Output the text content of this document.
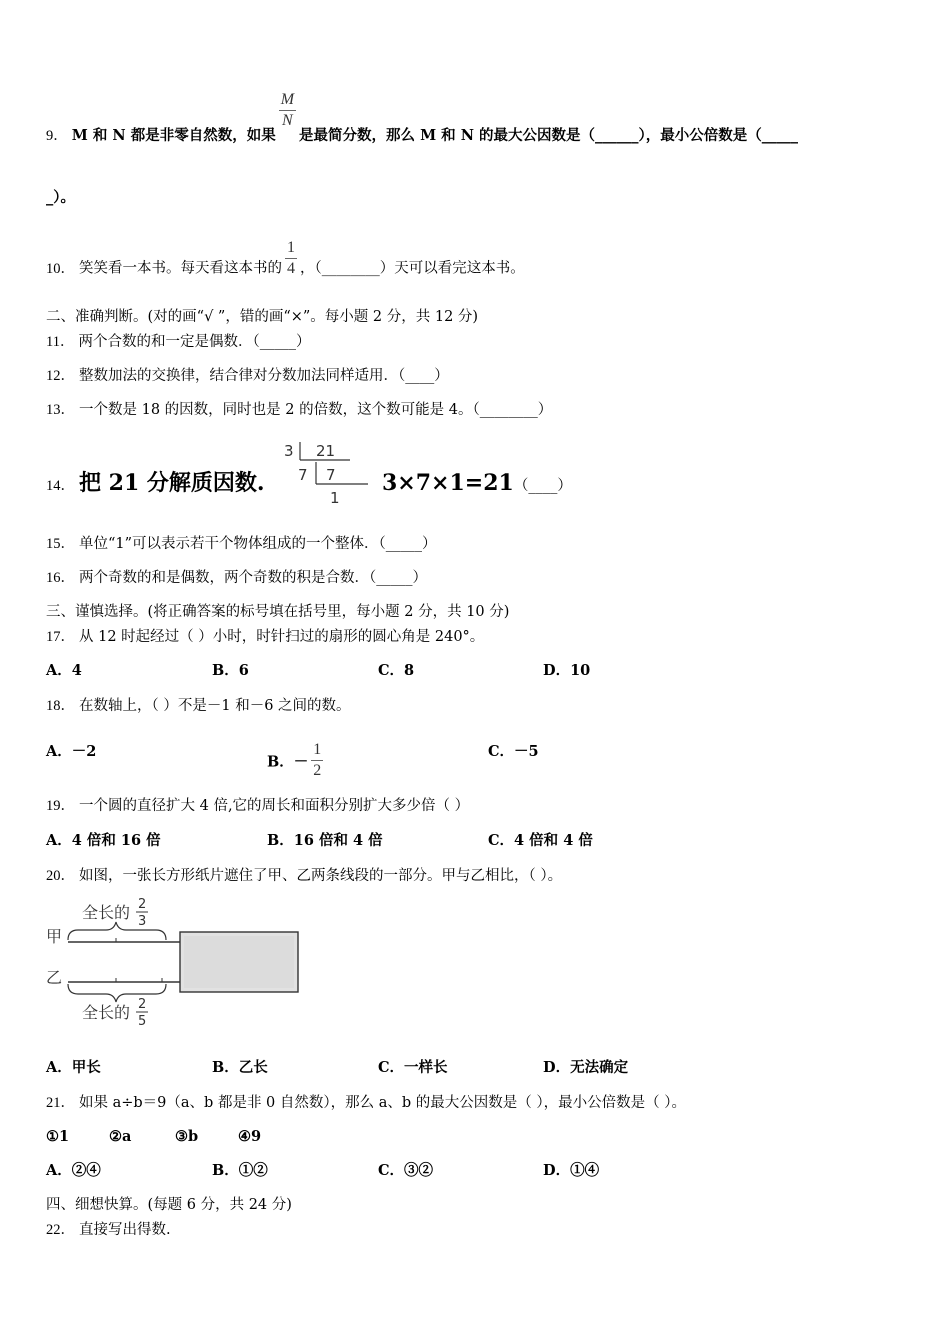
9． M 和 N 都是非零自然数，如果
$\frac{M}{N}$
是最简分数，那么 M 和 N 的最大公因数是（______），最小公倍数是（_____
_）。
10． 笑笑看一本书。每天看这本书的 $\frac{1}{4}$ ，（________）天可以看完这本书。
二、准确判断。(对的画“√ ”，错的画“×”。每小题 2 分，共 12 分)
11． 两个合数的和一定是偶数．（_____）
12． 整数加法的交换律，结合律对分数加法同样适用．（____）
13． 一个数是 18 的因数，同时也是 2 的倍数，这个数可能是 4。（________）
14． 把 21 分解质因数.
3 21
7 7
1
3×7×1=21（____）
15． 单位“1”可以表示若干个物体组成的一个整体．（_____）
16． 两个奇数的和是偶数，两个奇数的积是合数．（_____）
三、谨慎选择。(将正确答案的标号填在括号里，每小题 2 分，共 10 分)
17． 从 12 时起经过（ ）小时，时针扫过的扇形的圆心角是 240°。
A．4	B．6	C．8	D．10
18． 在数轴上，（ ）不是－1 和－6 之间的数。
A．－2
B．－ $\frac{1}{2}$	C．－5
19． 一个圆的直径扩大 4 倍,它的周长和面积分别扩大多少倍（ ）
A．4 倍和 16 倍	B．16 倍和 4 倍	C．4 倍和 4 倍
20． 如图，一张长方形纸片遮住了甲、乙两条线段的一部分。甲与乙相比，（ ）。
甲
乙
全长的 2
3
全长的 2
5
A．甲长	B．乙长	C．一样长	D．无法确定
21． 如果 a÷b＝9（a、b 都是非 0 自然数），那么 a、b 的最大公因数是（ ），最小公倍数是（ ）。
①1	②a	③b	④9
A．②④	B．①②	C．③②	D．①④
四、细想快算。(每题 6 分，共 24 分)
22． 直接写出得数.
